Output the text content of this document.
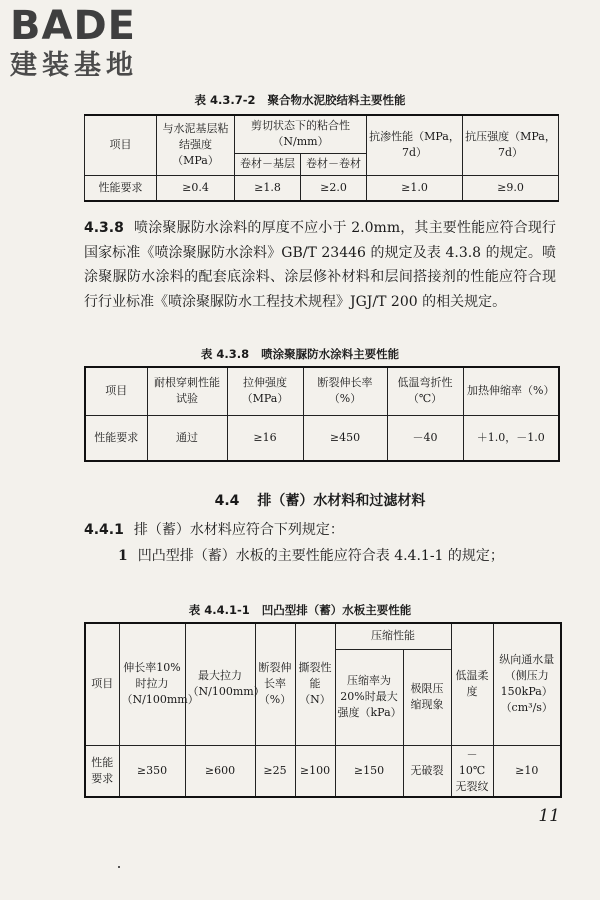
BADE
建装基地
表 4.3.7-2 聚合物水泥胶结料主要性能
项目	与水泥基层粘结强度（MPa）	剪切状态下的粘合性（N/mm）		抗渗性能（MPa，7d）	抗压强度（MPa，7d）
		卷材－基层	卷材－卷材		
性能要求	≥0.4	≥1.8	≥2.0	≥1.0	≥9.0
4.3.8 喷涂聚脲防水涂料的厚度不应小于 2.0mm，其主要性能应符合现行国家标准《喷涂聚脲防水涂料》GB/T 23446 的规定及表 4.3.8 的规定。喷涂聚脲防水涂料的配套底涂料、涂层修补材料和层间搭接剂的性能应符合现行行业标准《喷涂聚脲防水工程技术规程》JGJ/T 200 的相关规定。
表 4.3.8 喷涂聚脲防水涂料主要性能
项目	耐根穿刺性能试验	拉伸强度（MPa）	断裂伸长率（%）	低温弯折性（℃）	加热伸缩率（%）
性能要求	通过	≥16	≥450	－40	＋1.0，－1.0
4.4 排（蓄）水材料和过滤材料
4.4.1 排（蓄）水材料应符合下列规定：
1 凹凸型排（蓄）水板的主要性能应符合表 4.4.1-1 的规定；
表 4.4.1-1 凹凸型排（蓄）水板主要性能
项目	伸长率10%时拉力（N/100mm）	最大拉力（N/100mm）	断裂伸长率（%）	撕裂性能（N）	压缩性能		低温柔度	纵向通水量（侧压力150kPa）（cm³/s）
					压缩率为20%时最大强度（kPa）	极限压缩现象		
性能要求	≥350	≥600	≥25	≥100	≥150	无破裂	－10℃无裂纹	≥10
11
